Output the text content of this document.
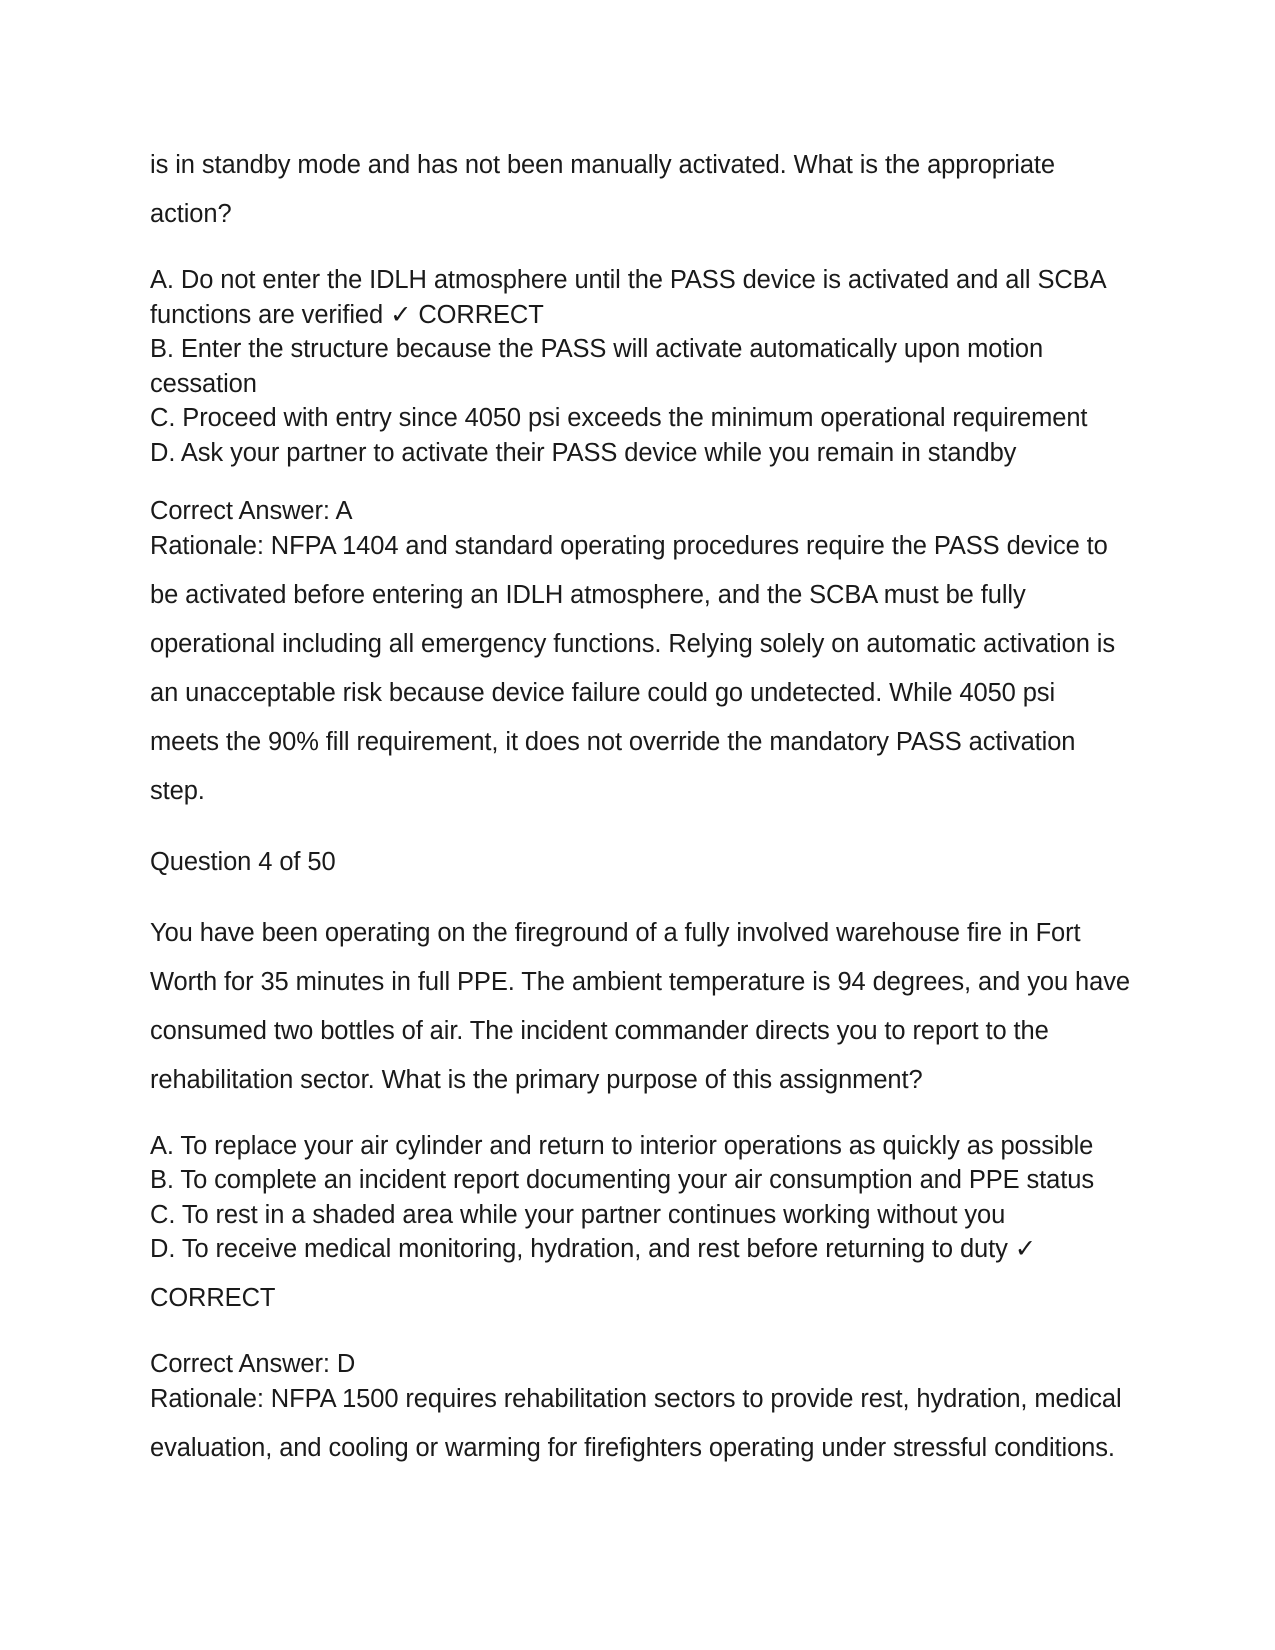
is in standby mode and has not been manually activated. What is the appropriate action?

A. Do not enter the IDLH atmosphere until the PASS device is activated and all SCBA functions are verified ✓ CORRECT

B. Enter the structure because the PASS will activate automatically upon motion cessation

C. Proceed with entry since 4050 psi exceeds the minimum operational requirement

D. Ask your partner to activate their PASS device while you remain in standby

Correct Answer: A

Rationale: NFPA 1404 and standard operating procedures require the PASS device to be activated before entering an IDLH atmosphere, and the SCBA must be fully operational including all emergency functions. Relying solely on automatic activation is an unacceptable risk because device failure could go undetected. While 4050 psi meets the 90% fill requirement, it does not override the mandatory PASS activation step.

Question 4 of 50

You have been operating on the fireground of a fully involved warehouse fire in Fort Worth for 35 minutes in full PPE. The ambient temperature is 94 degrees, and you have consumed two bottles of air. The incident commander directs you to report to the rehabilitation sector. What is the primary purpose of this assignment?

A. To replace your air cylinder and return to interior operations as quickly as possible

B. To complete an incident report documenting your air consumption and PPE status

C. To rest in a shaded area while your partner continues working without you

D. To receive medical monitoring, hydration, and rest before returning to duty ✓ CORRECT

Correct Answer: D

Rationale: NFPA 1500 requires rehabilitation sectors to provide rest, hydration, medical evaluation, and cooling or warming for firefighters operating under stressful conditions.
